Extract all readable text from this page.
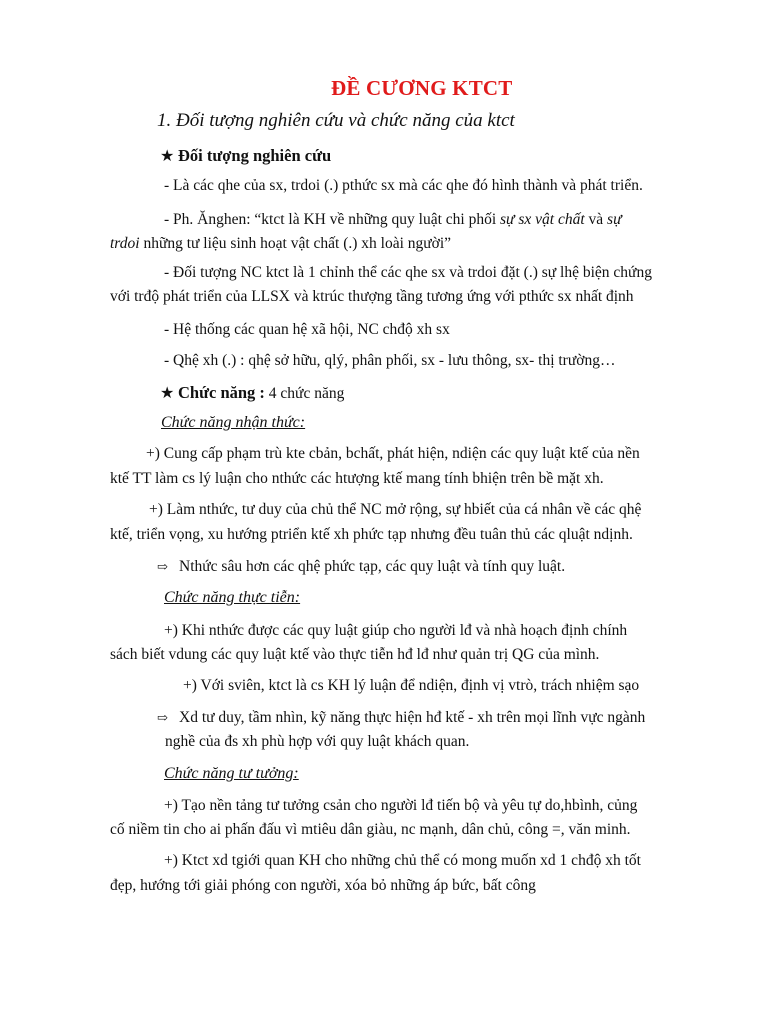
ĐỀ CƯƠNG KTCT
1. Đối tượng nghiên cứu và chức năng của ktct
★ Đối tượng nghiên cứu
- Là các qhe của sx, trdoi (.) pthức sx mà các qhe đó hình thành và phát triển.
- Ph. Ănghen: “ktct là KH về những quy luật chi phối sự sx vật chất và sự
trdoi những tư liệu sinh hoạt vật chất (.) xh loài người”
- Đối tượng NC ktct là 1 chỉnh thể các qhe sx và trdoi đặt (.) sự lhệ biện chứng
với trđộ phát triển của LLSX và ktrúc thượng tầng tương ứng với pthức sx nhất định
- Hệ thống các quan hệ xã hội, NC chđộ xh sx
- Qhệ xh (.) : qhệ sở hữu, qlý, phân phối, sx - lưu thông, sx- thị trường…
★ Chức năng : 4 chức năng
Chức năng nhận thức:
+) Cung cấp phạm trù kte cbản, bchất, phát hiện, ndiện các quy luật ktế của nền
ktế TT làm cs lý luận cho nthức các htượng ktế mang tính bhiện trên bề mặt xh.
+) Làm nthức, tư duy của chủ thể NC mở rộng, sự hbiết của cá nhân về các qhệ
ktế, triển vọng, xu hướng ptriển ktế xh phức tạp nhưng đều tuân thủ các qluật ndịnh.
⇨ Nthức sâu hơn các qhệ phức tạp, các quy luật và tính quy luật.
Chức năng thực tiễn:
+) Khi nthức được các quy luật giúp cho người lđ và nhà hoạch định chính
sách biết vdung các quy luật ktế vào thực tiễn hđ lđ như quản trị QG của mình.
+) Với sviên, ktct là cs KH lý luận để ndiện, định vị vtrò, trách nhiệm sạo
⇨ Xd tư duy, tầm nhìn, kỹ năng thực hiện hđ ktế - xh trên mọi lĩnh vực ngành
nghề của đs xh phù hợp với quy luật khách quan.
Chức năng tư tưởng:
+) Tạo nền tảng tư tưởng csản cho người lđ tiến bộ và yêu tự do,hbình, củng
cố niềm tin cho ai phấn đấu vì mtiêu dân giàu, nc mạnh, dân chủ, công =, văn minh.
+) Ktct xd tgiới quan KH cho những chủ thể có mong muốn xd 1 chđộ xh tốt
đẹp, hướng tới giải phóng con người, xóa bỏ những áp bức, bất công
